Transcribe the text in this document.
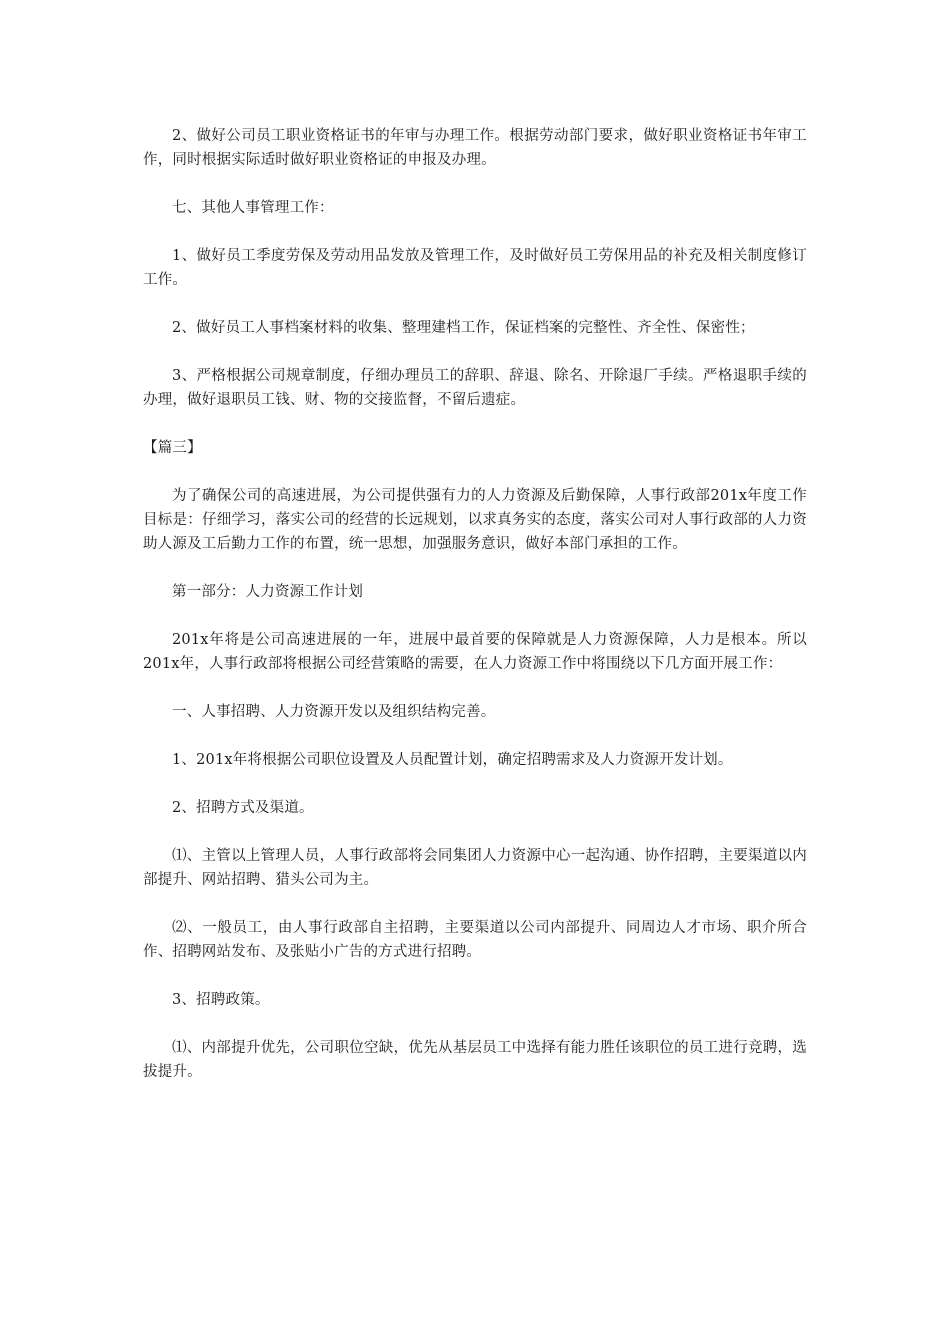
2、做好公司员工职业资格证书的年审与办理工作。根据劳动部门要求，做好职业资格证书年审工作，同时根据实际适时做好职业资格证的申报及办理。

七、其他人事管理工作：

1、做好员工季度劳保及劳动用品发放及管理工作，及时做好员工劳保用品的补充及相关制度修订工作。

2、做好员工人事档案材料的收集、整理建档工作，保证档案的完整性、齐全性、保密性；

3、严格根据公司规章制度，仔细办理员工的辞职、辞退、除名、开除退厂手续。严格退职手续的办理，做好退职员工钱、财、物的交接监督，不留后遗症。

【篇三】

为了确保公司的高速进展，为公司提供强有力的人力资源及后勤保障，人事行政部201x年度工作目标是：仔细学习，落实公司的经营的长远规划，以求真务实的态度，落实公司对人事行政部的人力资助人源及工后勤力工作的布置，统一思想，加强服务意识，做好本部门承担的工作。

第一部分：人力资源工作计划

201x年将是公司高速进展的一年，进展中最首要的保障就是人力资源保障，人力是根本。所以201x年，人事行政部将根据公司经营策略的需要，在人力资源工作中将围绕以下几方面开展工作：

一、人事招聘、人力资源开发以及组织结构完善。

1、201x年将根据公司职位设置及人员配置计划，确定招聘需求及人力资源开发计划。

2、招聘方式及渠道。

⑴、主管以上管理人员，人事行政部将会同集团人力资源中心一起沟通、协作招聘，主要渠道以内部提升、网站招聘、猎头公司为主。

⑵、一般员工，由人事行政部自主招聘，主要渠道以公司内部提升、同周边人才市场、职介所合作、招聘网站发布、及张贴小广告的方式进行招聘。

3、招聘政策。

⑴、内部提升优先，公司职位空缺，优先从基层员工中选择有能力胜任该职位的员工进行竞聘，选拔提升。
